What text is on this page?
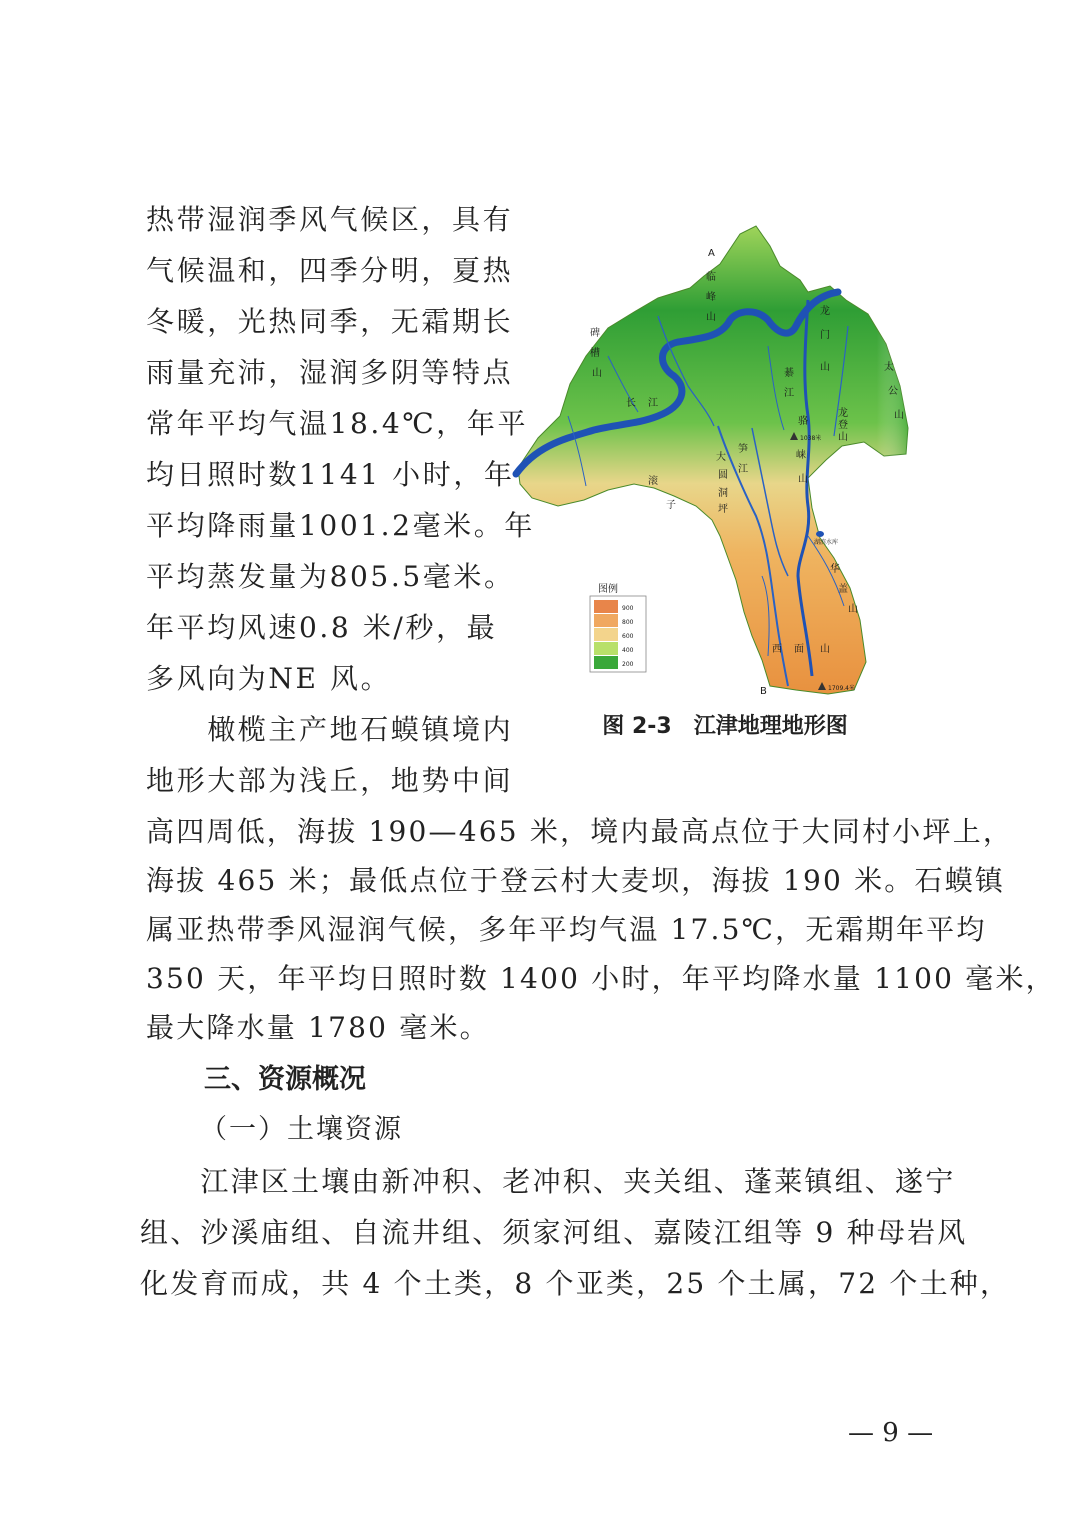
热带湿润季风气候区，具有
气候温和，四季分明，夏热
冬暖，光热同季，无霜期长
雨量充沛，湿润多阴等特点
常年平均气温18.4℃，年平
均日照时数1141 小时，年
平均降雨量1001.2毫米。年
平均蒸发量为805.5毫米。
年平均风速0.8 米/秒，最
多风向为NE 风。
　　橄榄主产地石蟆镇境内
地形大部为浅丘，地势中间
A
临
峰
山
碑
槽
山
龙
门
山	太
公
山
龙
登
山
骆
崃
山
大
圆
洞
坪
滚
子
华
盖
山
西 面 山
B
长 江
綦
江
笋
江
1038米
湖滨水库
1709.4米
图例
900
800
600
400
200
图 2-3　江津地理地形图
高四周低，海拔 190—465 米，境内最高点位于大同村小坪上，
海拔 465 米；最低点位于登云村大麦坝，海拔 190 米。石蟆镇
属亚热带季风湿润气候，多年平均气温 17.5℃，无霜期年平均
350 天，年平均日照时数 1400 小时，年平均降水量 1100 毫米，
最大降水量 1780 毫米。
三、资源概况
（一）土壤资源
　　江津区土壤由新冲积、老冲积、夹关组、蓬莱镇组、遂宁
组、沙溪庙组、自流井组、须家河组、嘉陵江组等 9 种母岩风
化发育而成，共 4 个土类，8 个亚类，25 个土属，72 个土种，
— 9 —
